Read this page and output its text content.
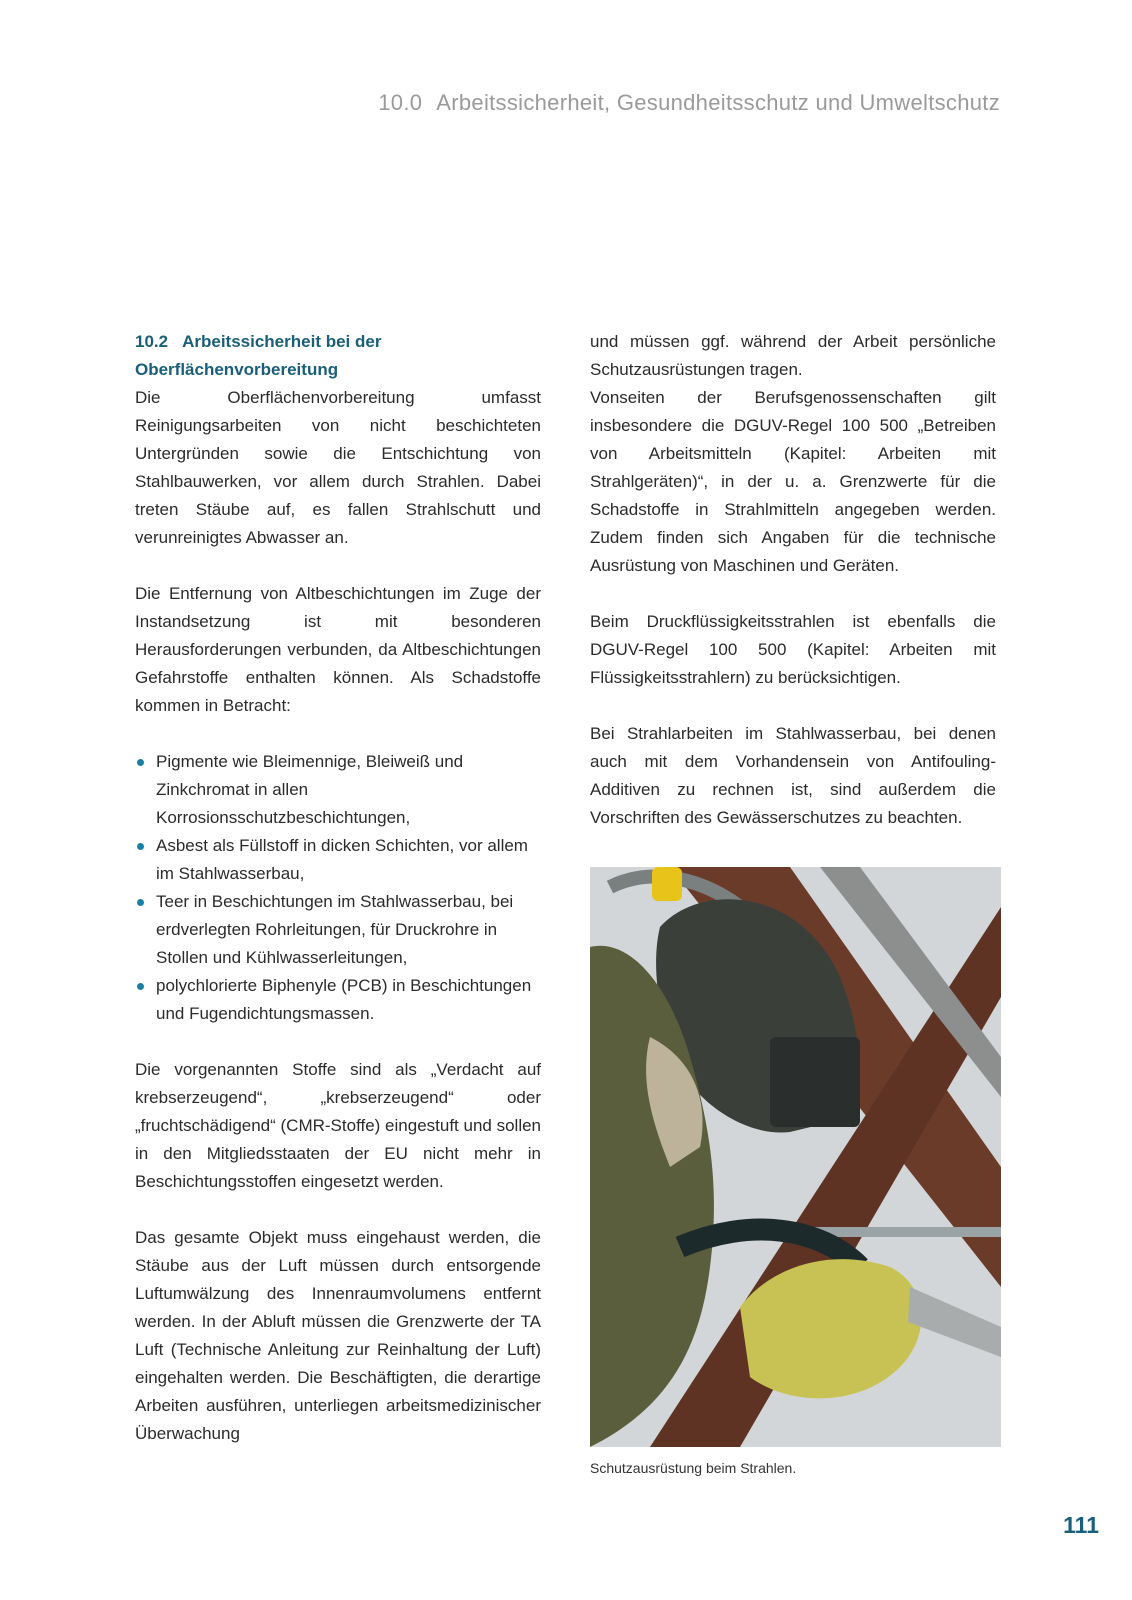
10.0 Arbeitssicherheit, Gesundheitsschutz und Umweltschutz
10.2 Arbeitssicherheit bei der Oberflächenvorbereitung

Die Oberflächenvorbereitung umfasst Reinigungsarbeiten von nicht beschichteten Untergründen sowie die Entschichtung von Stahlbauwerken, vor allem durch Strahlen. Dabei treten Stäube auf, es fallen Strahlschutt und verunreinigtes Abwasser an.

Die Entfernung von Altbeschichtungen im Zuge der Instandsetzung ist mit besonderen Herausforderungen verbunden, da Altbeschichtungen Gefahrstoffe enthalten können. Als Schadstoffe kommen in Betracht:

Pigmente wie Bleimennige, Bleiweiß und Zinkchromat in allen Korrosionsschutzbeschichtungen,
Asbest als Füllstoff in dicken Schichten, vor allem im Stahlwasserbau,
Teer in Beschichtungen im Stahlwasserbau, bei erdverlegten Rohrleitungen, für Druckrohre in Stollen und Kühlwasserleitungen,
polychlorierte Biphenyle (PCB) in Beschichtungen und Fugendichtungsmassen.

Die vorgenannten Stoffe sind als „Verdacht auf krebserzeugend“, „krebserzeugend“ oder „fruchtschädigend“ (CMR-Stoffe) eingestuft und sollen in den Mitgliedsstaaten der EU nicht mehr in Beschichtungsstoffen eingesetzt werden.

Das gesamte Objekt muss eingehaust werden, die Stäube aus der Luft müssen durch entsorgende Luftumwälzung des Innenraumvolumens entfernt werden. In der Abluft müssen die Grenzwerte der TA Luft (Technische Anleitung zur Reinhaltung der Luft) eingehalten werden. Die Beschäftigten, die derartige Arbeiten ausführen, unterliegen arbeitsmedizinischer Überwachung

und müssen ggf. während der Arbeit persönliche Schutzausrüstungen tragen.

Vonseiten der Berufsgenossenschaften gilt insbesondere die DGUV-Regel 100 500 „Betreiben von Arbeitsmitteln (Kapitel: Arbeiten mit Strahlgeräten)“, in der u. a. Grenzwerte für die Schadstoffe in Strahlmitteln angegeben werden. Zudem finden sich Angaben für die technische Ausrüstung von Maschinen und Geräten.

Beim Druckflüssigkeitsstrahlen ist ebenfalls die DGUV-Regel 100 500 (Kapitel: Arbeiten mit Flüssigkeitsstrahlern) zu berücksichtigen.

Bei Strahlarbeiten im Stahlwasserbau, bei denen auch mit dem Vorhandensein von Antifouling-Additiven zu rechnen ist, sind außerdem die Vorschriften des Gewässerschutzes zu beachten.

Schutzausrüstung beim Strahlen.
111
